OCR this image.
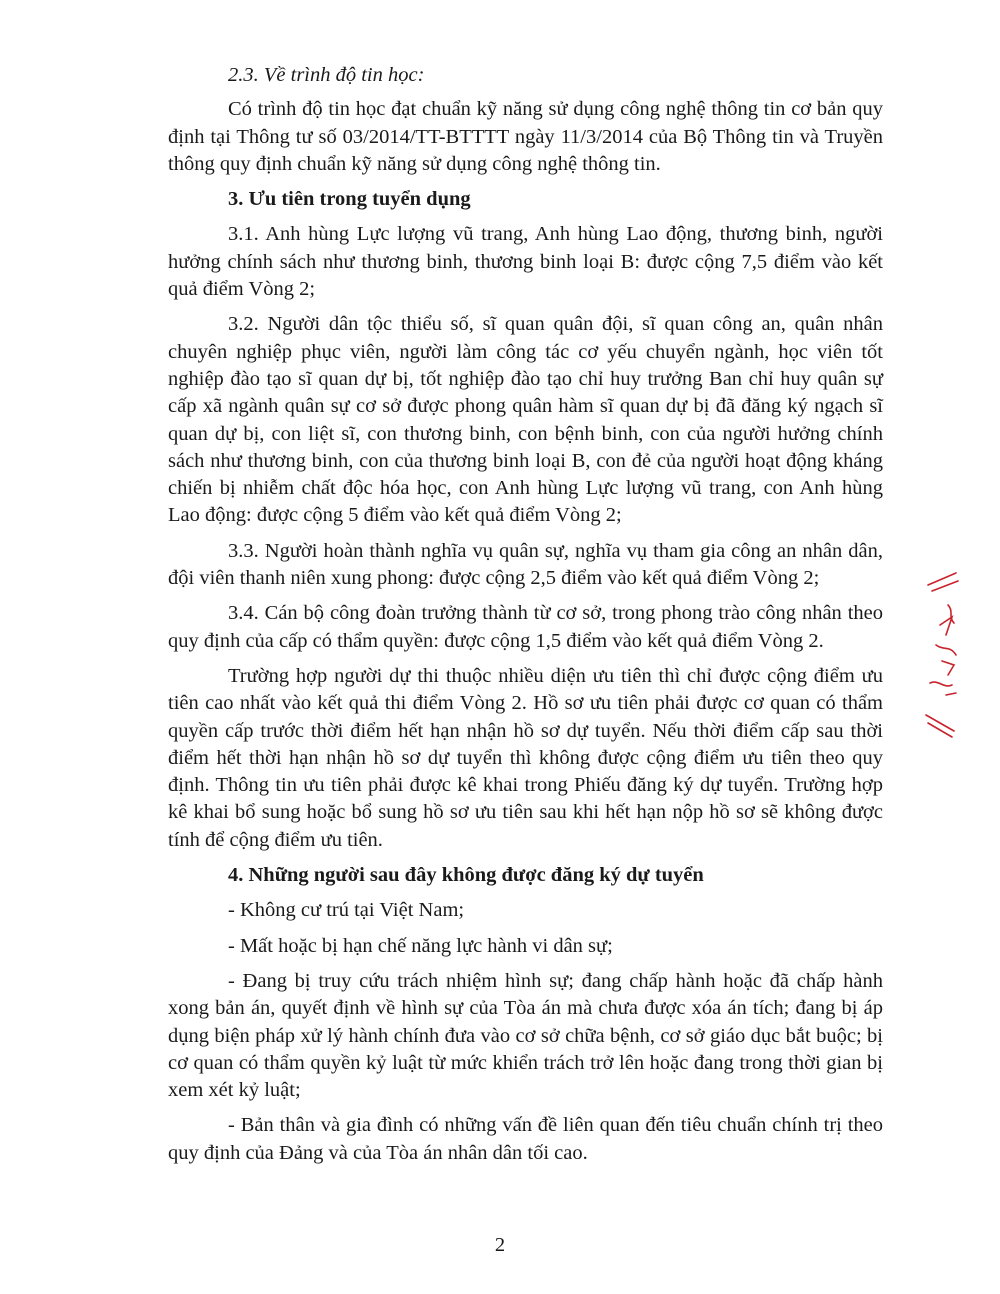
2.3. Về trình độ tin học:

Có trình độ tin học đạt chuẩn kỹ năng sử dụng công nghệ thông tin cơ bản quy định tại Thông tư số 03/2014/TT-BTTTT ngày 11/3/2014 của Bộ Thông tin và Truyền thông quy định chuẩn kỹ năng sử dụng công nghệ thông tin.

3. Ưu tiên trong tuyển dụng

3.1. Anh hùng Lực lượng vũ trang, Anh hùng Lao động, thương binh, người hưởng chính sách như thương binh, thương binh loại B: được cộng 7,5 điểm vào kết quả điểm Vòng 2;

3.2. Người dân tộc thiểu số, sĩ quan quân đội, sĩ quan công an, quân nhân chuyên nghiệp phục viên, người làm công tác cơ yếu chuyển ngành, học viên tốt nghiệp đào tạo sĩ quan dự bị, tốt nghiệp đào tạo chỉ huy trưởng Ban chỉ huy quân sự cấp xã ngành quân sự cơ sở được phong quân hàm sĩ quan dự bị đã đăng ký ngạch sĩ quan dự bị, con liệt sĩ, con thương binh, con bệnh binh, con của người hưởng chính sách như thương binh, con của thương binh loại B, con đẻ của người hoạt động kháng chiến bị nhiễm chất độc hóa học, con Anh hùng Lực lượng vũ trang, con Anh hùng Lao động: được cộng 5 điểm vào kết quả điểm Vòng 2;

3.3. Người hoàn thành nghĩa vụ quân sự, nghĩa vụ tham gia công an nhân dân, đội viên thanh niên xung phong: được cộng 2,5 điểm vào kết quả điểm Vòng 2;

3.4. Cán bộ công đoàn trưởng thành từ cơ sở, trong phong trào công nhân theo quy định của cấp có thẩm quyền: được cộng 1,5 điểm vào kết quả điểm Vòng 2.

Trường hợp người dự thi thuộc nhiều diện ưu tiên thì chỉ được cộng điểm ưu tiên cao nhất vào kết quả thi điểm Vòng 2. Hồ sơ ưu tiên phải được cơ quan có thẩm quyền cấp trước thời điểm hết hạn nhận hồ sơ dự tuyển. Nếu thời điểm cấp sau thời điểm hết thời hạn nhận hồ sơ dự tuyển thì không được cộng điểm ưu tiên theo quy định. Thông tin ưu tiên phải được kê khai trong Phiếu đăng ký dự tuyển. Trường hợp kê khai bổ sung hoặc bổ sung hồ sơ ưu tiên sau khi hết hạn nộp hồ sơ sẽ không được tính để cộng điểm ưu tiên.

4. Những người sau đây không được đăng ký dự tuyển

- Không cư trú tại Việt Nam;

- Mất hoặc bị hạn chế năng lực hành vi dân sự;

- Đang bị truy cứu trách nhiệm hình sự; đang chấp hành hoặc đã chấp hành xong bản án, quyết định về hình sự của Tòa án mà chưa được xóa án tích; đang bị áp dụng biện pháp xử lý hành chính đưa vào cơ sở chữa bệnh, cơ sở giáo dục bắt buộc; bị cơ quan có thẩm quyền kỷ luật từ mức khiển trách trở lên hoặc đang trong thời gian bị xem xét kỷ luật;

- Bản thân và gia đình có những vấn đề liên quan đến tiêu chuẩn chính trị theo quy định của Đảng và của Tòa án nhân dân tối cao.

2
